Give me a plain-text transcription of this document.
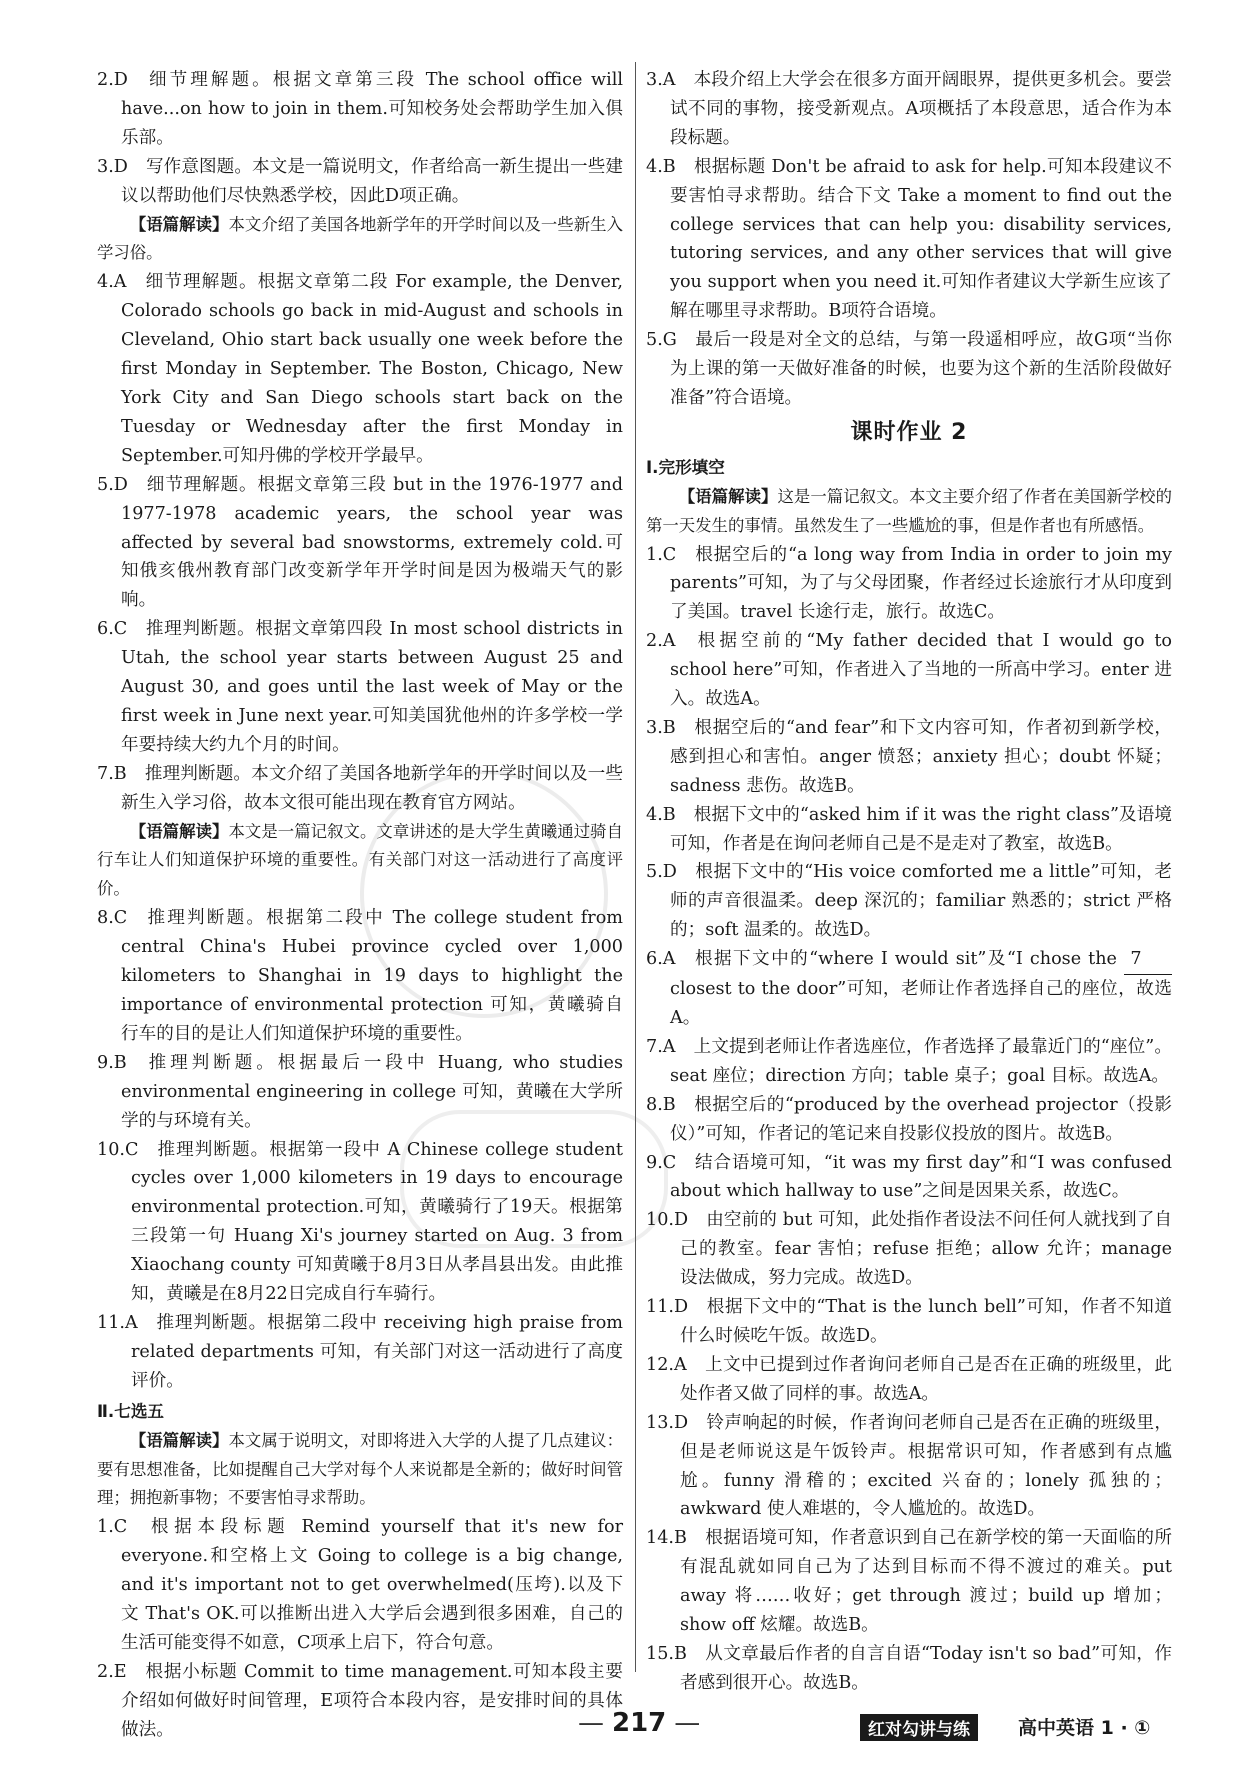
2.D 细节理解题。根据文章第三段 The school office will have...on how to join in them.可知校务处会帮助学生加入俱乐部。

3.D 写作意图题。本文是一篇说明文，作者给高一新生提出一些建议以帮助他们尽快熟悉学校，因此D项正确。

【语篇解读】本文介绍了美国各地新学年的开学时间以及一些新生入学习俗。

4.A 细节理解题。根据文章第二段 For example, the Denver, Colorado schools go back in mid-August and schools in Cleveland, Ohio start back usually one week before the first Monday in September. The Boston, Chicago, New York City and San Diego schools start back on the Tuesday or Wednesday after the first Monday in September.可知丹佛的学校开学最早。

5.D 细节理解题。根据文章第三段 but in the 1976-1977 and 1977-1978 academic years, the school year was affected by several bad snowstorms, extremely cold.可知俄亥俄州教育部门改变新学年开学时间是因为极端天气的影响。

6.C 推理判断题。根据文章第四段 In most school districts in Utah, the school year starts between August 25 and August 30, and goes until the last week of May or the first week in June next year.可知美国犹他州的许多学校一学年要持续大约九个月的时间。

7.B 推理判断题。本文介绍了美国各地新学年的开学时间以及一些新生入学习俗，故本文很可能出现在教育官方网站。

【语篇解读】本文是一篇记叙文。文章讲述的是大学生黄曦通过骑自行车让人们知道保护环境的重要性。有关部门对这一活动进行了高度评价。

8.C 推理判断题。根据第二段中 The college student from central China's Hubei province cycled over 1,000 kilometers to Shanghai in 19 days to highlight the importance of environmental protection 可知，黄曦骑自行车的目的是让人们知道保护环境的重要性。

9.B 推理判断题。根据最后一段中 Huang, who studies environmental engineering in college 可知，黄曦在大学所学的与环境有关。

10.C 推理判断题。根据第一段中 A Chinese college student cycles over 1,000 kilometers in 19 days to encourage environmental protection.可知，黄曦骑行了19天。根据第三段第一句 Huang Xi's journey started on Aug. 3 from Xiaochang county 可知黄曦于8月3日从孝昌县出发。由此推知，黄曦是在8月22日完成自行车骑行。

11.A 推理判断题。根据第二段中 receiving high praise from related departments 可知，有关部门对这一活动进行了高度评价。

Ⅱ.七选五

【语篇解读】本文属于说明文，对即将进入大学的人提了几点建议：要有思想准备，比如提醒自己大学对每个人来说都是全新的；做好时间管理；拥抱新事物；不要害怕寻求帮助。

1.C 根据本段标题 Remind yourself that it's new for everyone.和空格上文 Going to college is a big change, and it's important not to get overwhelmed(压垮).以及下文 That's OK.可以推断出进入大学后会遇到很多困难，自己的生活可能变得不如意，C项承上启下，符合句意。

2.E 根据小标题 Commit to time management.可知本段主要介绍如何做好时间管理，E项符合本段内容，是安排时间的具体做法。

3.A 本段介绍上大学会在很多方面开阔眼界，提供更多机会。要尝试不同的事物，接受新观点。A项概括了本段意思，适合作为本段标题。

4.B 根据标题 Don't be afraid to ask for help.可知本段建议不要害怕寻求帮助。结合下文 Take a moment to find out the college services that can help you: disability services, tutoring services, and any other services that will give you support when you need it.可知作者建议大学新生应该了解在哪里寻求帮助。B项符合语境。

5.G 最后一段是对全文的总结，与第一段遥相呼应，故G项“当你为上课的第一天做好准备的时候，也要为这个新的生活阶段做好准备”符合语境。

课时作业 2

Ⅰ.完形填空

【语篇解读】这是一篇记叙文。本文主要介绍了作者在美国新学校的第一天发生的事情。虽然发生了一些尴尬的事，但是作者也有所感悟。

1.C 根据空后的“a long way from India in order to join my parents”可知，为了与父母团聚，作者经过长途旅行才从印度到了美国。travel 长途行走，旅行。故选C。

2.A 根据空前的“My father decided that I would go to school here”可知，作者进入了当地的一所高中学习。enter 进入。故选A。

3.B 根据空后的“and fear”和下文内容可知，作者初到新学校，感到担心和害怕。anger 愤怒；anxiety 担心；doubt 怀疑；sadness 悲伤。故选B。

4.B 根据下文中的“asked him if it was the right class”及语境可知，作者是在询问老师自己是不是走对了教室，故选B。

5.D 根据下文中的“His voice comforted me a little”可知，老师的声音很温柔。deep 深沉的；familiar 熟悉的；strict 严格的；soft 温柔的。故选D。

6.A 根据下文中的“where I would sit”及“I chose the 7 closest to the door”可知，老师让作者选择自己的座位，故选A。

7.A 上文提到老师让作者选座位，作者选择了最靠近门的“座位”。seat 座位；direction 方向；table 桌子；goal 目标。故选A。

8.B 根据空后的“produced by the overhead projector（投影仪）”可知，作者记的笔记来自投影仪投放的图片。故选B。

9.C 结合语境可知，“it was my first day”和“I was confused about which hallway to use”之间是因果关系，故选C。

10.D 由空前的 but 可知，此处指作者设法不问任何人就找到了自己的教室。fear 害怕；refuse 拒绝；allow 允许；manage 设法做成，努力完成。故选D。

11.D 根据下文中的“That is the lunch bell”可知，作者不知道什么时候吃午饭。故选D。

12.A 上文中已提到过作者询问老师自己是否在正确的班级里，此处作者又做了同样的事。故选A。

13.D 铃声响起的时候，作者询问老师自己是否在正确的班级里，但是老师说这是午饭铃声。根据常识可知，作者感到有点尴尬。funny 滑稽的；excited 兴奋的；lonely 孤独的；awkward 使人难堪的，令人尴尬的。故选D。

14.B 根据语境可知，作者意识到自己在新学校的第一天面临的所有混乱就如同自己为了达到目标而不得不渡过的难关。put away 将……收好；get through 渡过；build up 增加；show off 炫耀。故选B。

15.B 从文章最后作者的自言自语“Today isn't so bad”可知，作者感到很开心。故选B。

— 217 —	红对勾讲与练	高中英语 1 · ①
